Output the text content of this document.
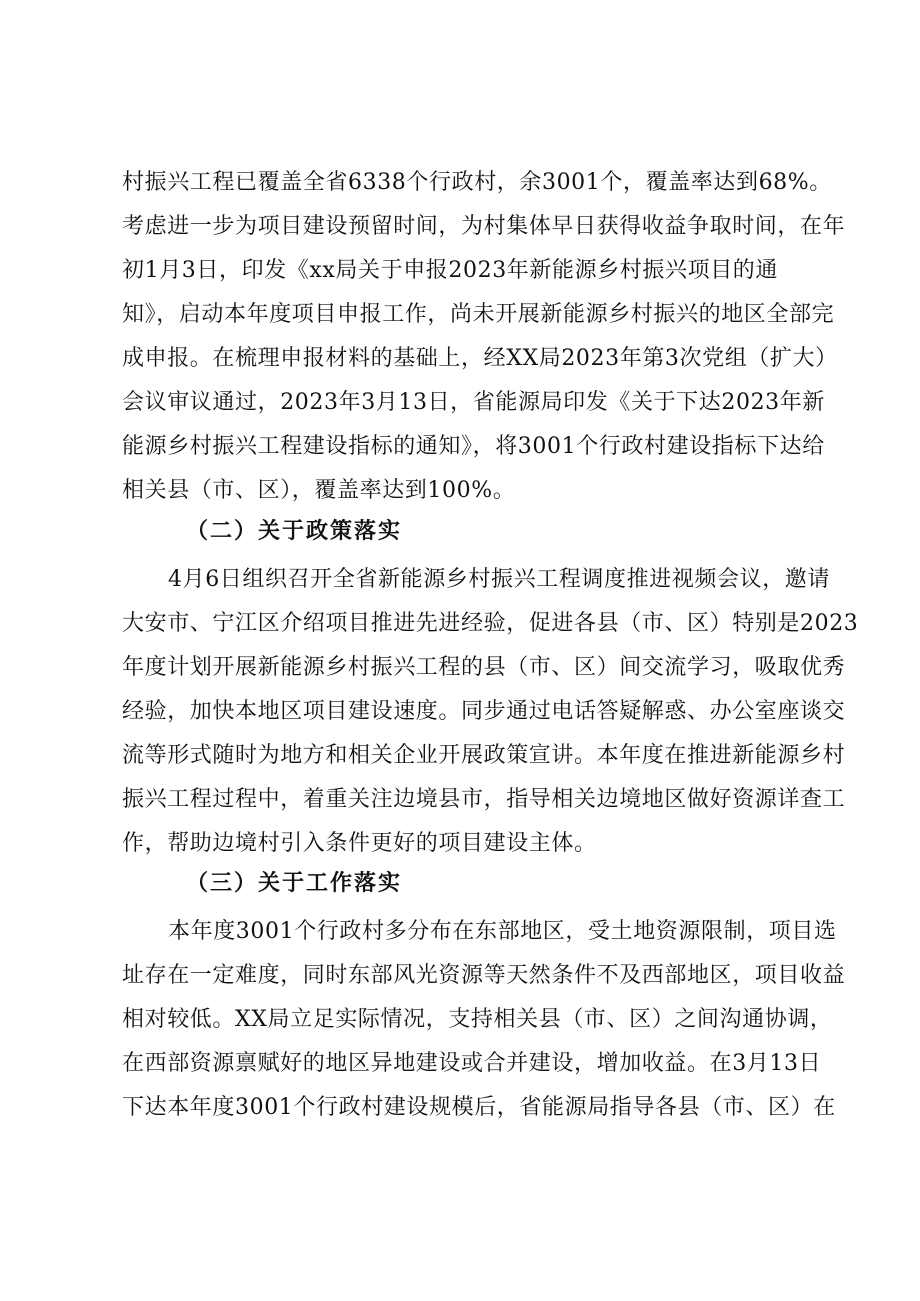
村振兴工程已覆盖全省6338个行政村，余3001个，覆盖率达到68%。
考虑进一步为项目建设预留时间，为村集体早日获得收益争取时间，在年
初1月3日，印发《xx局关于申报2023年新能源乡村振兴项目的通
知》，启动本年度项目申报工作，尚未开展新能源乡村振兴的地区全部完
成申报。在梳理申报材料的基础上，经XX局2023年第3次党组（扩大）
会议审议通过，2023年3月13日，省能源局印发《关于下达2023年新
能源乡村振兴工程建设指标的通知》，将3001个行政村建设指标下达给
相关县（市、区），覆盖率达到100%。
（二）关于政策落实
4月6日组织召开全省新能源乡村振兴工程调度推进视频会议，邀请
大安市、宁江区介绍项目推进先进经验，促进各县（市、区）特别是2023
年度计划开展新能源乡村振兴工程的县（市、区）间交流学习，吸取优秀
经验，加快本地区项目建设速度。同步通过电话答疑解惑、办公室座谈交
流等形式随时为地方和相关企业开展政策宣讲。本年度在推进新能源乡村
振兴工程过程中，着重关注边境县市，指导相关边境地区做好资源详查工
作，帮助边境村引入条件更好的项目建设主体。
（三）关于工作落实
本年度3001个行政村多分布在东部地区，受土地资源限制，项目选
址存在一定难度，同时东部风光资源等天然条件不及西部地区，项目收益
相对较低。XX局立足实际情况，支持相关县（市、区）之间沟通协调，
在西部资源禀赋好的地区异地建设或合并建设，增加收益。在3月13日
下达本年度3001个行政村建设规模后，省能源局指导各县（市、区）在
